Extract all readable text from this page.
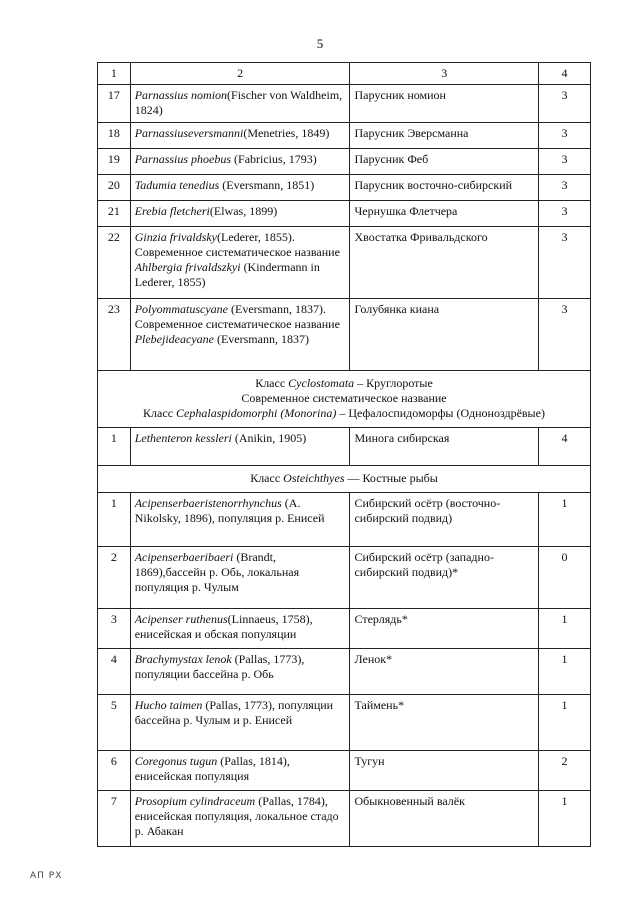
5
1	2	3	4
17	Parnassius nomion(Fischer von Waldheim, 1824)	Парусник номион	3
18	Parnassiuseversmanni(Menetries, 1849)	Парусник Эверсманна	3
19	Parnassius phoebus (Fabricius, 1793)	Парусник Феб	3
20	Tadumia tenedius (Eversmann, 1851)	Парусник восточно-сибирский	3
21	Erebia fletcheri(Elwas, 1899)	Чернушка Флетчера	3
22	Ginzia frivaldsky(Lederer, 1855). Современное систематическое название Ahlbergia frivaldszkyi (Kindermann in Lederer, 1855)	Хвостатка Фривальдского	3
23	Polyommatuscyane (Eversmann, 1837). Современное систематическое название Plebejideacyane (Eversmann, 1837)	Голубянка киана	3

Класс Cyclostomata – Круглоротые
Современное систематическое название
Класс Cephalaspidomorphi (Monorina) – Цефалоспидоморфы (Одноноздрёвые)			

1	Lethenteron kessleri (Anikin, 1905)	Минога сибирская	4
Класс Osteichthyes — Костные рыбы			
1	Acipenserbaeristenorrhynchus (A. Nikolsky, 1896), популяция р. Енисей	Сибирский осётр (восточно-сибирский подвид)	1
2	Acipenserbaeribaeri (Brandt, 1869),бассейн р. Обь, локальная популяция р. Чулым	Сибирский осётр (западно-сибирский подвид)*	0
3	Acipenser ruthenus(Linnaeus, 1758), енисейская и обская популяции	Стерлядь*	1
4	Brachymystax lenok (Pallas, 1773), популяции бассейна р. Обь	Ленок*	1
5	Hucho taimen (Pallas, 1773), популяции бассейна р. Чулым и р. Енисей	Таймень*	1
6	Coregonus tugun (Pallas, 1814), енисейская популяция	Тугун	2
7	Prosopium cylindraceum (Pallas, 1784), енисейская популяция, локальное стадо р. Абакан	Обыкновенный валёк	1
АП РХ
